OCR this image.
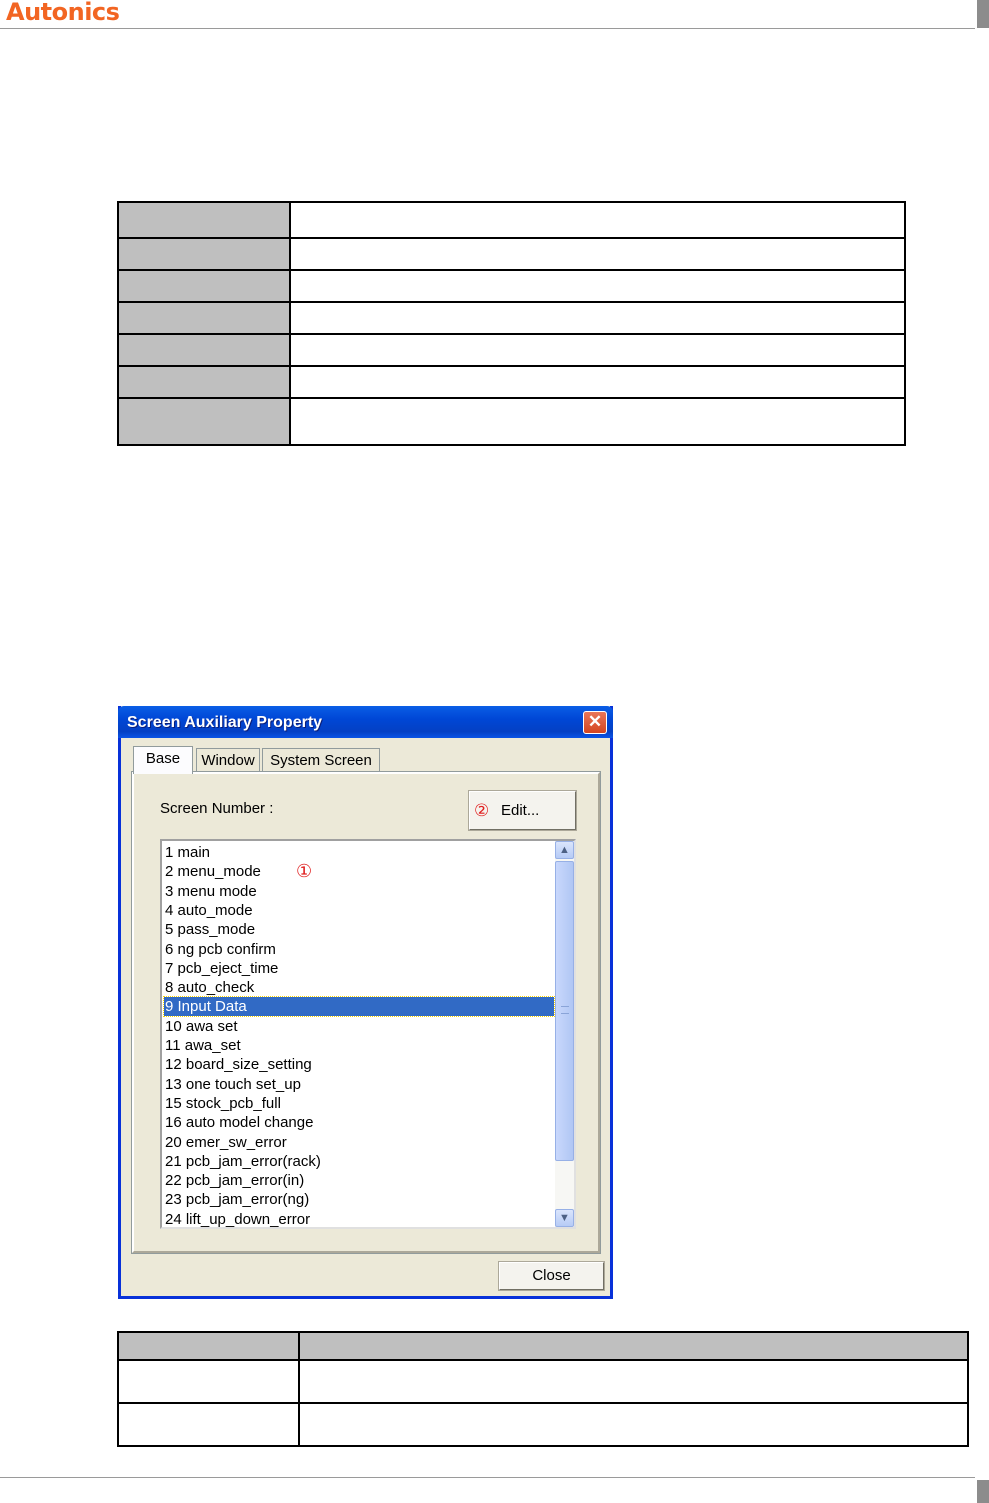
Autonics

Screen Auxiliary Property	✕
Base	Window	System Screen
Screen Number :	② Edit...
1 main
2 menu_mode
3 menu mode
4 auto_mode
5 pass_mode
6 ng pcb confirm
7 pcb_eject_time
8 auto_check
9 Input Data
10 awa set
11 awa_set
12 board_size_setting
13 one touch set_up
15 stock_pcb_full
16 auto model change
20 emer_sw_error
21 pcb_jam_error(rack)
22 pcb_jam_error(in)
23 pcb_jam_error(ng)
24 lift_up_down_error
①
▲
▼
Close
